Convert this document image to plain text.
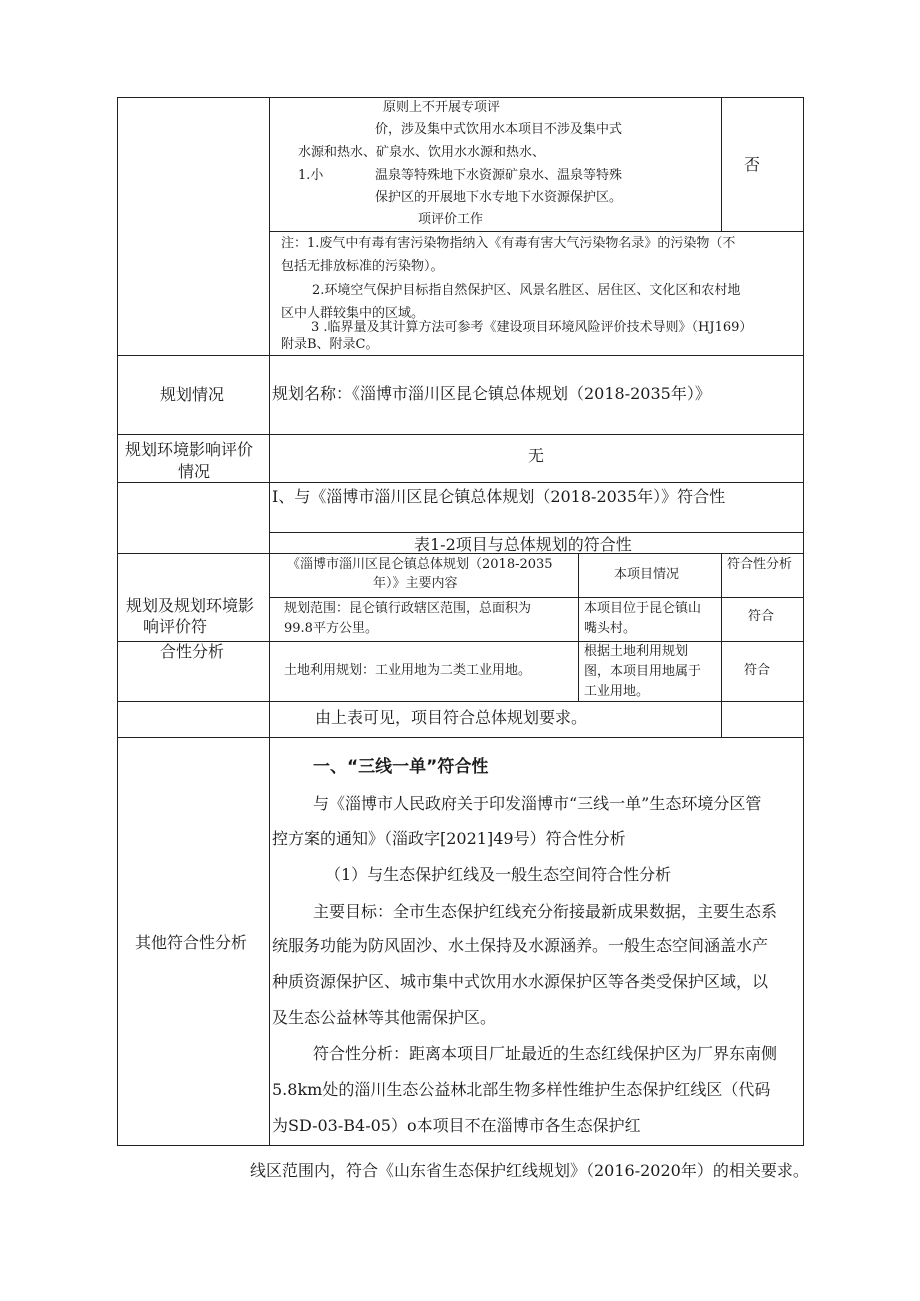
原则上不开展专项评
价，涉及集中式饮用水本项目不涉及集中式
水源和热水、矿泉水、饮用水水源和热水、
1.小	温泉等特殊地下水资源矿泉水、温泉等特殊
保护区的开展地下水专地下水资源保护区。
项评价工作
否
注：1.废气中有毒有害污染物指纳入《有毒有害大气污染物名录》的污染物（不
包括无排放标准的污染物）。
2.环境空气保护目标指自然保护区、风景名胜区、居住区、文化区和农村地
区中人群较集中的区域。
3 .临界量及其计算方法可参考《建设项目环境风险评价技术导则》（HJ169）
附录B、附录C。
规划情况	规划名称：《淄博市淄川区昆仑镇总体规划（2018-2035年）》
规划环境影响评价
情况
无
I、与《淄博市淄川区昆仑镇总体规划（2018-2035年）》符合性
表1-2项目与总体规划的符合性
规划及规划环境影
响评价符
合性分析
《淄博市淄川区昆仑镇总体规划（2018-2035
年）》主要内容
本项目情况
符合性分析
规划范围：昆仑镇行政辖区范围，总面积为
99.8平方公里。
本项目位于昆仑镇山
嘴头村。
符合
土地利用规划：工业用地为二类工业用地。
根据土地利用规划
图，本项目用地属于
工业用地。
符合
由上表可见，项目符合总体规划要求。
其他符合性分析
一、“三线一单”符合性
与《淄博市人民政府关于印发淄博市“三线一单”生态环境分区管
控方案的通知》（淄政字[2021]49号）符合性分析
（1）与生态保护红线及一般生态空间符合性分析
主要目标：全市生态保护红线充分衔接最新成果数据，主要生态系
统服务功能为防风固沙、水土保持及水源涵养。一般生态空间涵盖水产
种质资源保护区、城市集中式饮用水水源保护区等各类受保护区域，以
及生态公益林等其他需保护区。
符合性分析：距离本项目厂址最近的生态红线保护区为厂界东南侧
5.8km处的淄川生态公益林北部生物多样性维护生态保护红线区（代码
为SD-03-B4-05）o本项目不在淄博市各生态保护红
线区范围内，符合《山东省生态保护红线规划》（2016-2020年）的相关要求。
